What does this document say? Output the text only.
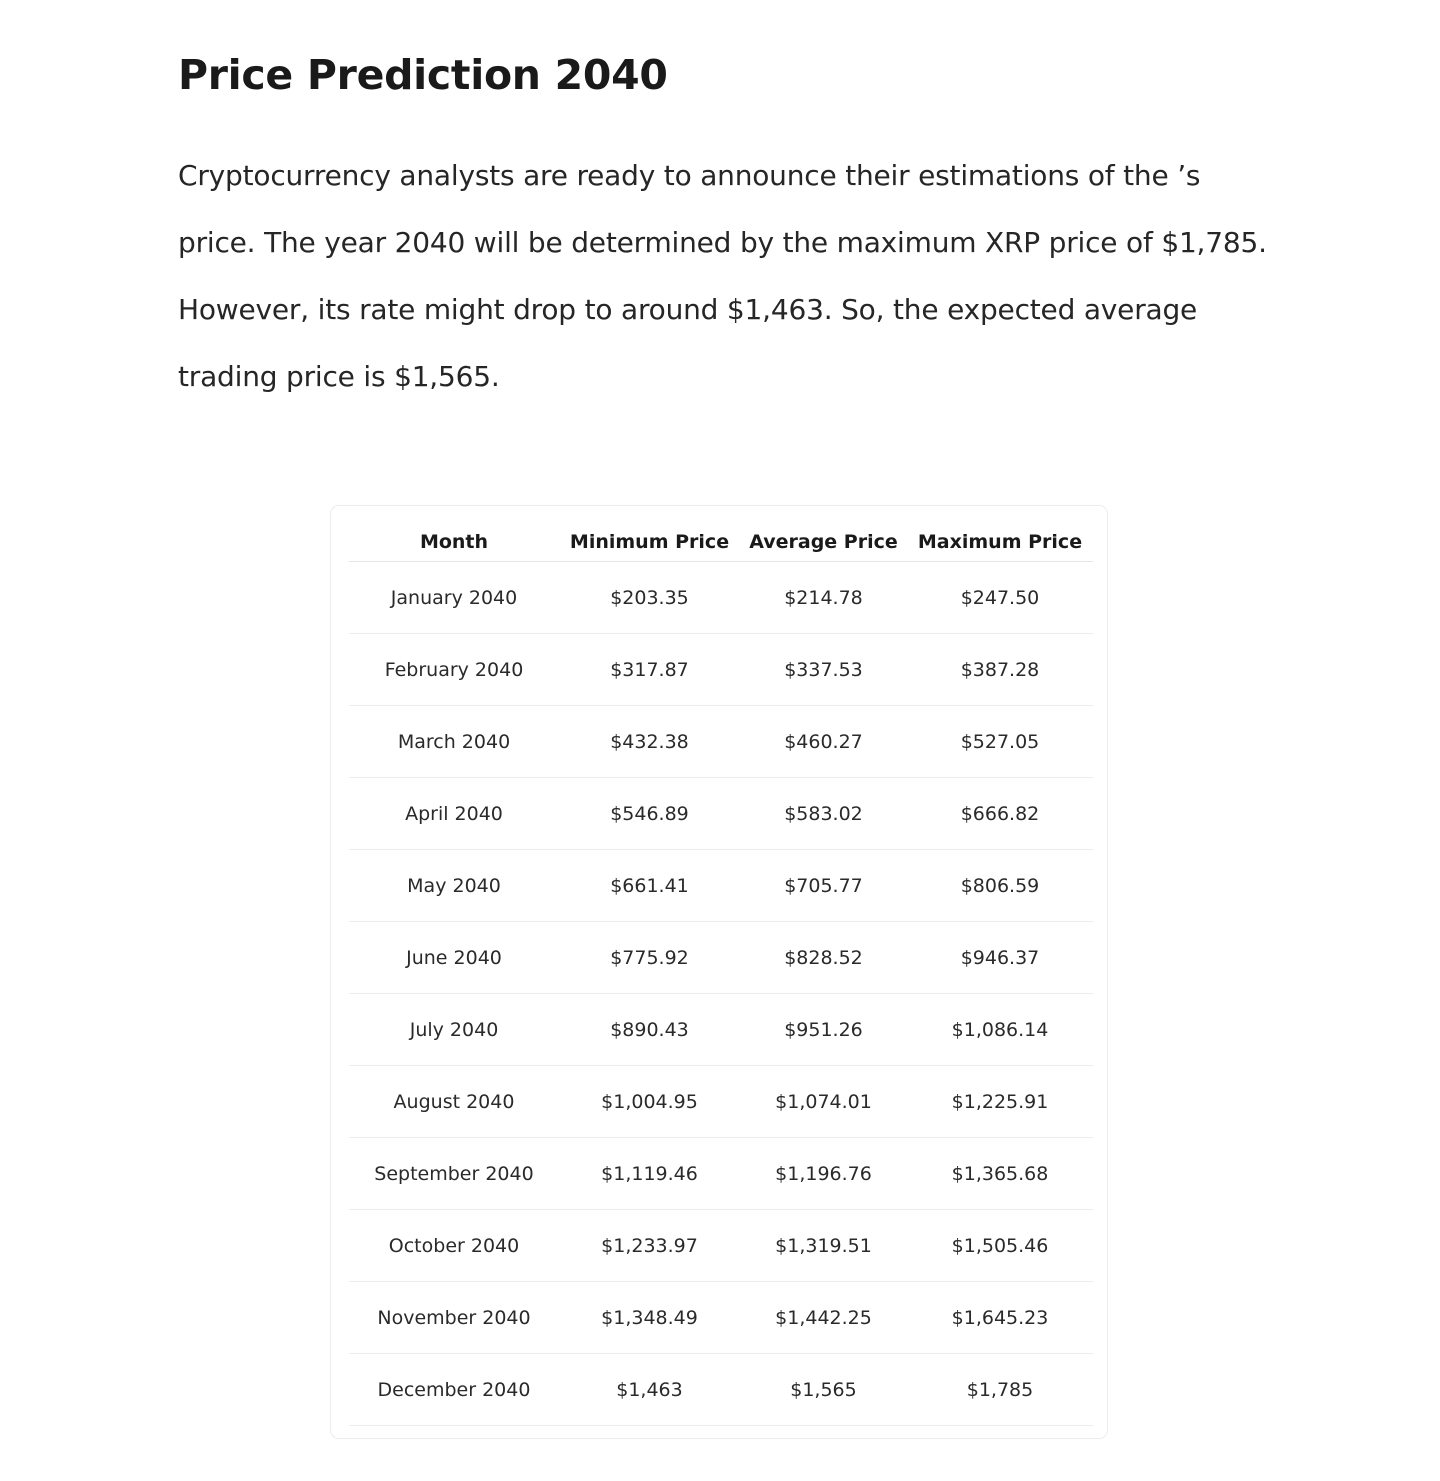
Price Prediction 2040

Cryptocurrency analysts are ready to announce their estimations of the ’s price. The year 2040 will be determined by the maximum XRP price of $1,785. However, its rate might drop to around $1,463. So, the expected average trading price is $1,565.

Month	Minimum Price	Average Price	Maximum Price
January 2040	$203.35	$214.78	$247.50
February 2040	$317.87	$337.53	$387.28
March 2040	$432.38	$460.27	$527.05
April 2040	$546.89	$583.02	$666.82
May 2040	$661.41	$705.77	$806.59
June 2040	$775.92	$828.52	$946.37
July 2040	$890.43	$951.26	$1,086.14
August 2040	$1,004.95	$1,074.01	$1,225.91
September 2040	$1,119.46	$1,196.76	$1,365.68
October 2040	$1,233.97	$1,319.51	$1,505.46
November 2040	$1,348.49	$1,442.25	$1,645.23
December 2040	$1,463	$1,565	$1,785
